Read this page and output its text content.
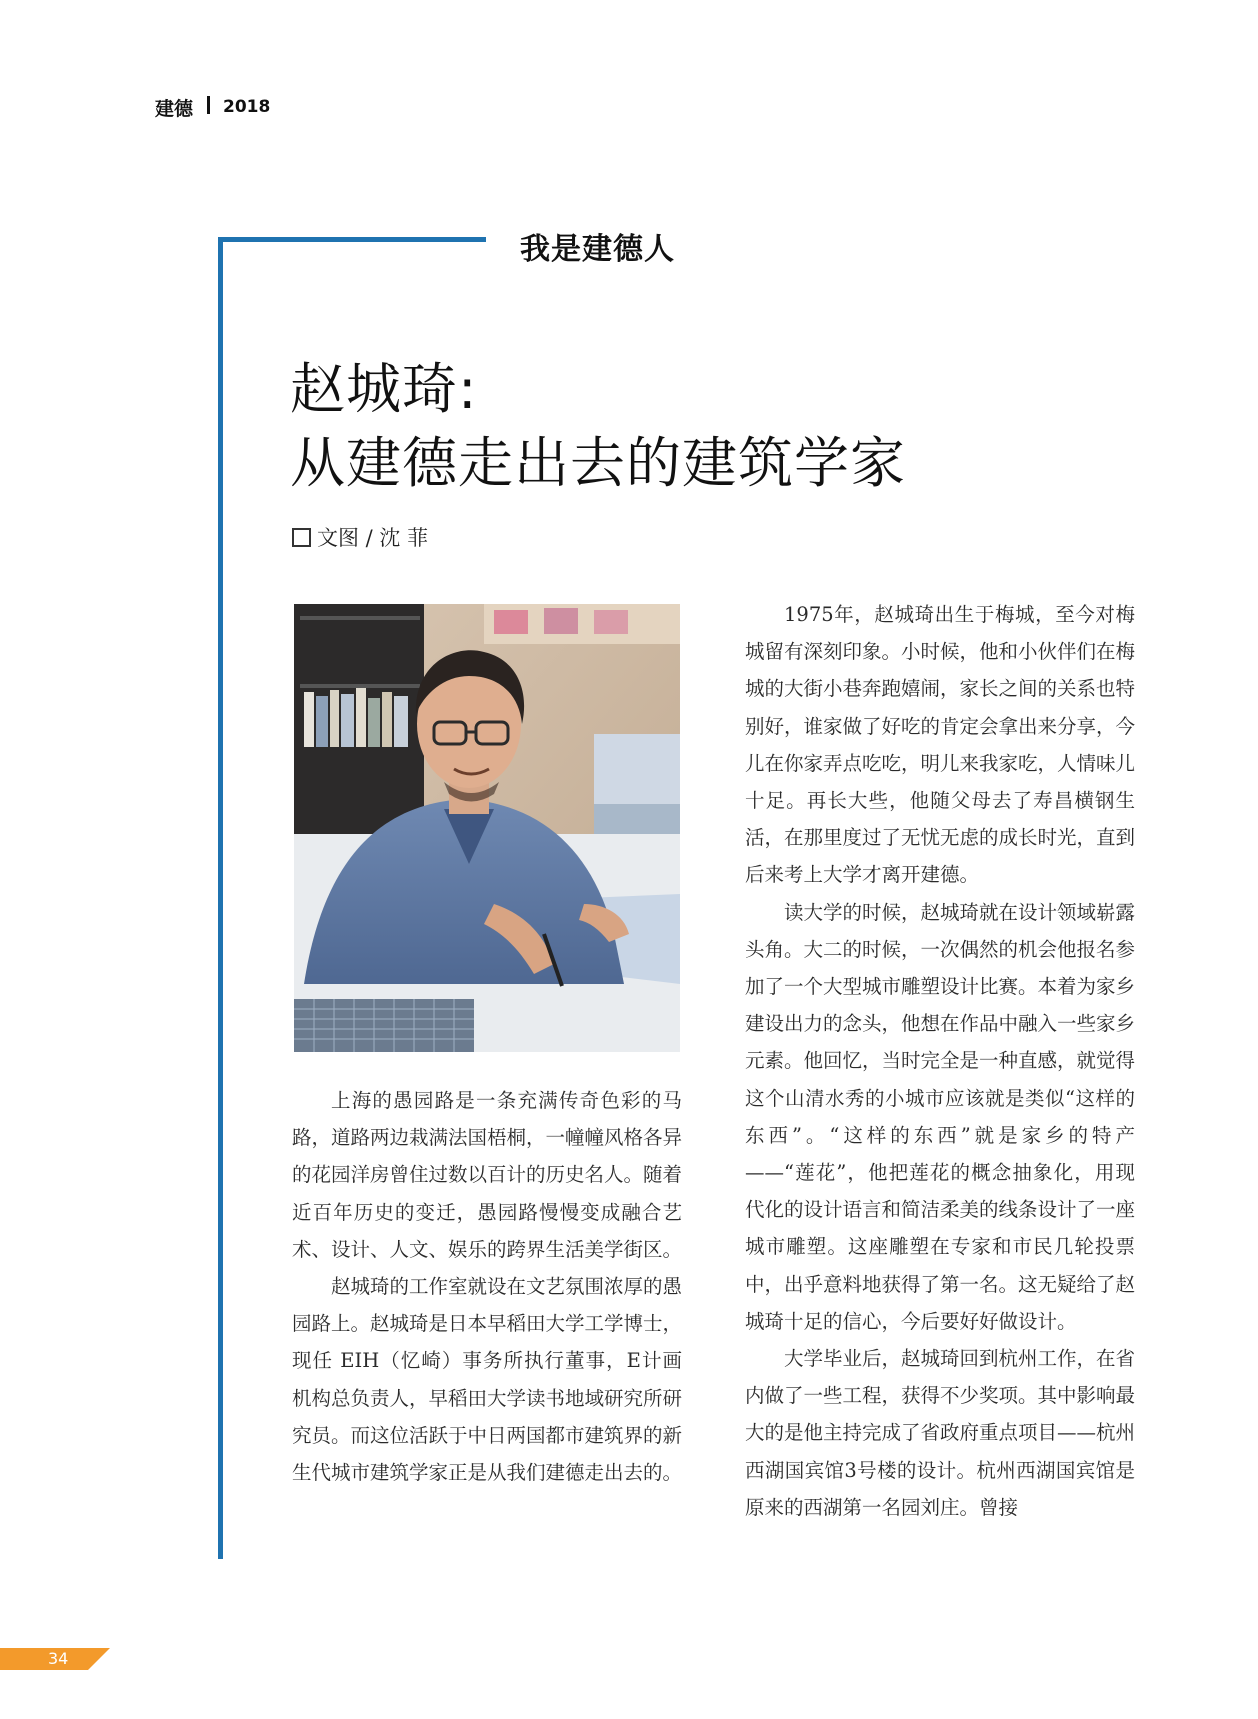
建德 2018
我是建德人
赵城琦:
从建德走出去的建筑学家
文图 / 沈 菲

上海的愚园路是一条充满传奇色彩的马路，道路两边栽满法国梧桐，一幢幢风格各异的花园洋房曾住过数以百计的历史名人。随着近百年历史的变迁，愚园路慢慢变成融合艺术、设计、人文、娱乐的跨界生活美学街区。

赵城琦的工作室就设在文艺氛围浓厚的愚园路上。赵城琦是日本早稻田大学工学博士，现任 EIH（忆崎）事务所执行董事，E计画机构总负责人，早稻田大学读书地域研究所研究员。而这位活跃于中日两国都市建筑界的新生代城市建筑学家正是从我们建德走出去的。

1975年，赵城琦出生于梅城，至今对梅城留有深刻印象。小时候，他和小伙伴们在梅城的大街小巷奔跑嬉闹，家长之间的关系也特别好，谁家做了好吃的肯定会拿出来分享，今儿在你家弄点吃吃，明儿来我家吃，人情味儿十足。再长大些，他随父母去了寿昌横钢生活，在那里度过了无忧无虑的成长时光，直到后来考上大学才离开建德。

读大学的时候，赵城琦就在设计领域崭露头角。大二的时候，一次偶然的机会他报名参加了一个大型城市雕塑设计比赛。本着为家乡建设出力的念头，他想在作品中融入一些家乡元素。他回忆，当时完全是一种直感，就觉得这个山清水秀的小城市应该就是类似“这样的东西”。“这样的东西”就是家乡的特产——“莲花”，他把莲花的概念抽象化，用现代化的设计语言和简洁柔美的线条设计了一座城市雕塑。这座雕塑在专家和市民几轮投票中，出乎意料地获得了第一名。这无疑给了赵城琦十足的信心，今后要好好做设计。

大学毕业后，赵城琦回到杭州工作，在省内做了一些工程，获得不少奖项。其中影响最大的是他主持完成了省政府重点项目——杭州西湖国宾馆3号楼的设计。杭州西湖国宾馆是原来的西湖第一名园刘庄。曾接

34
